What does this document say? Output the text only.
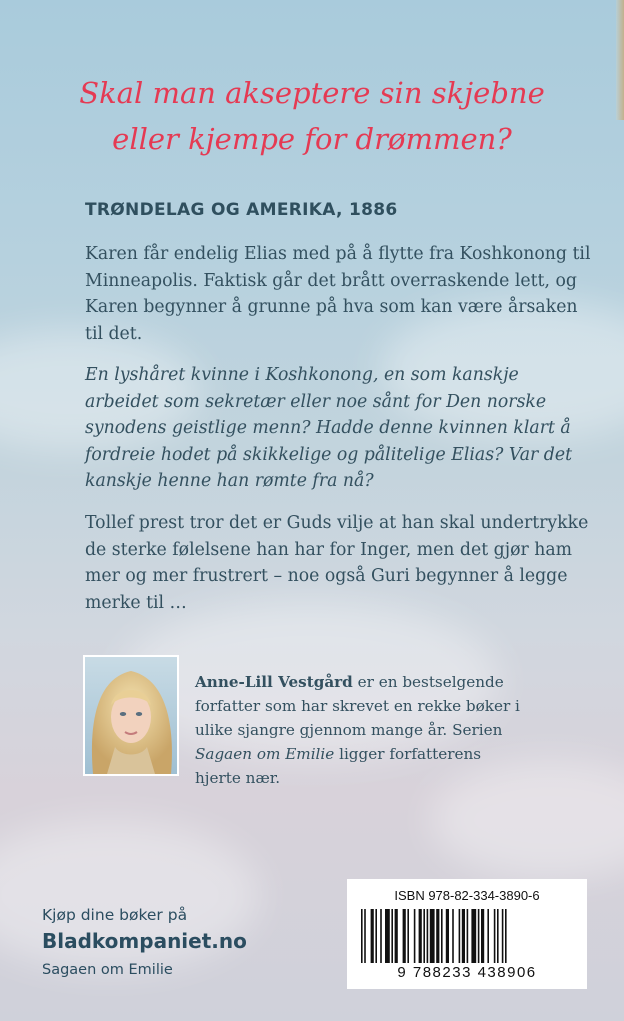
Skal man akseptere sin skjebne
eller kjempe for drømmen?

TRØNDELAG OG AMERIKA, 1886

Karen får endelig Elias med på å flytte fra Koshkonong til Minneapolis. Faktisk går det brått overraskende lett, og Karen begynner å grunne på hva som kan være årsaken til det.

En lyshåret kvinne i Koshkonong, en som kanskje arbeidet som sekretær eller noe sånt for Den norske synodens geistlige menn? Hadde denne kvinnen klart å fordreie hodet på skikkelige og pålitelige Elias? Var det kanskje henne han rømte fra nå?

Tollef prest tror det er Guds vilje at han skal undertrykke de sterke følelsene han har for Inger, men det gjør ham mer og mer frustrert – noe også Guri begynner å legge merke til …

Anne-Lill Vestgård er en bestselgende forfatter som har skrevet en rekke bøker i ulike sjangre gjennom mange år. Serien Sagaen om Emilie ligger forfatterens hjerte nær.

ISBN 978-82-334-3890-6

9 788233 438906

Kjøp dine bøker på

Bladkompaniet.no

Sagaen om Emilie
